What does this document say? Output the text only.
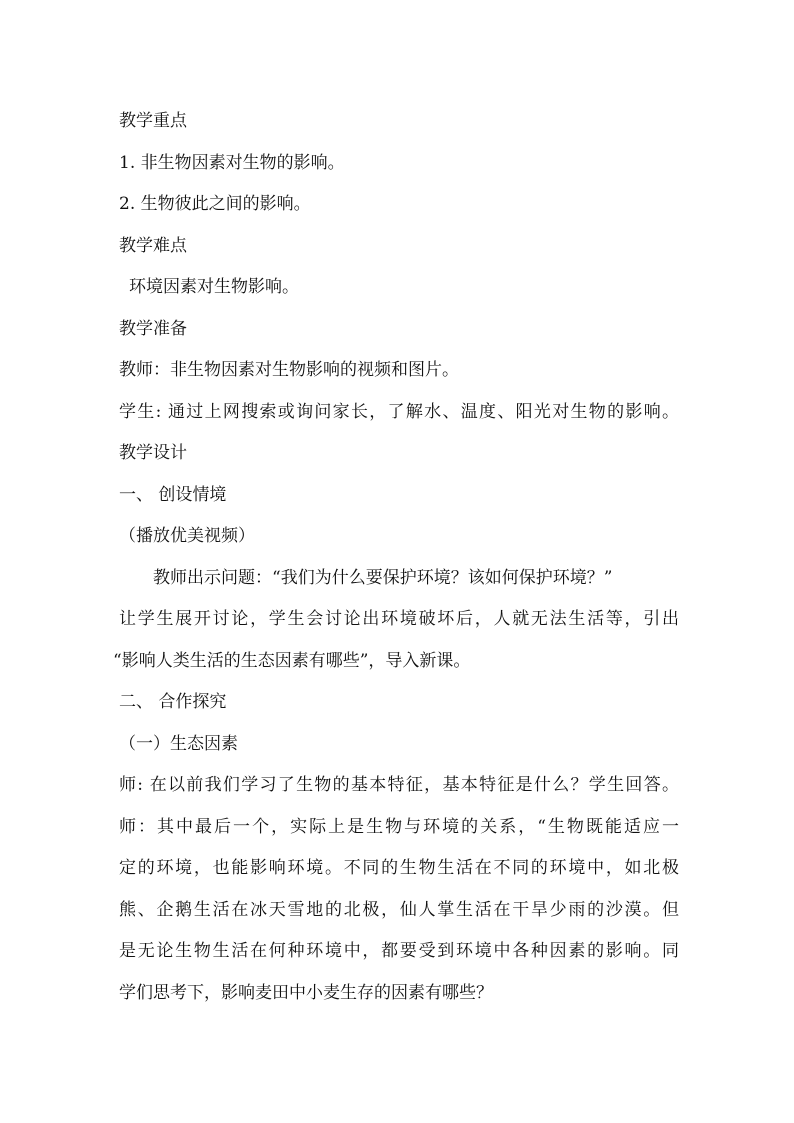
教学重点
1. 非生物因素对生物的影响。
2. 生物彼此之间的影响。
教学难点
环境因素对生物影响。
教学准备
教师：非生物因素对生物影响的视频和图片。
学生: 通过上网搜索或询问家长，了解水、温度、阳光对生物的影响。
教学设计
一、 创设情境
（播放优美视频）
教师出示问题：“我们为什么要保护环境？该如何保护环境？”
让学生展开讨论，学生会讨论出环境破坏后，人就无法生活等，引出
“影响人类生活的生态因素有哪些”，导入新课。
二、 合作探究
（一）生态因素
师: 在以前我们学习了生物的基本特征，基本特征是什么？学生回答。
师：其中最后一个，实际上是生物与环境的关系，“生物既能适应一
定的环境，也能影响环境。不同的生物生活在不同的环境中，如北极
熊、企鹅生活在冰天雪地的北极，仙人掌生活在干旱少雨的沙漠。但
是无论生物生活在何种环境中，都要受到环境中各种因素的影响。同
学们思考下，影响麦田中小麦生存的因素有哪些？
